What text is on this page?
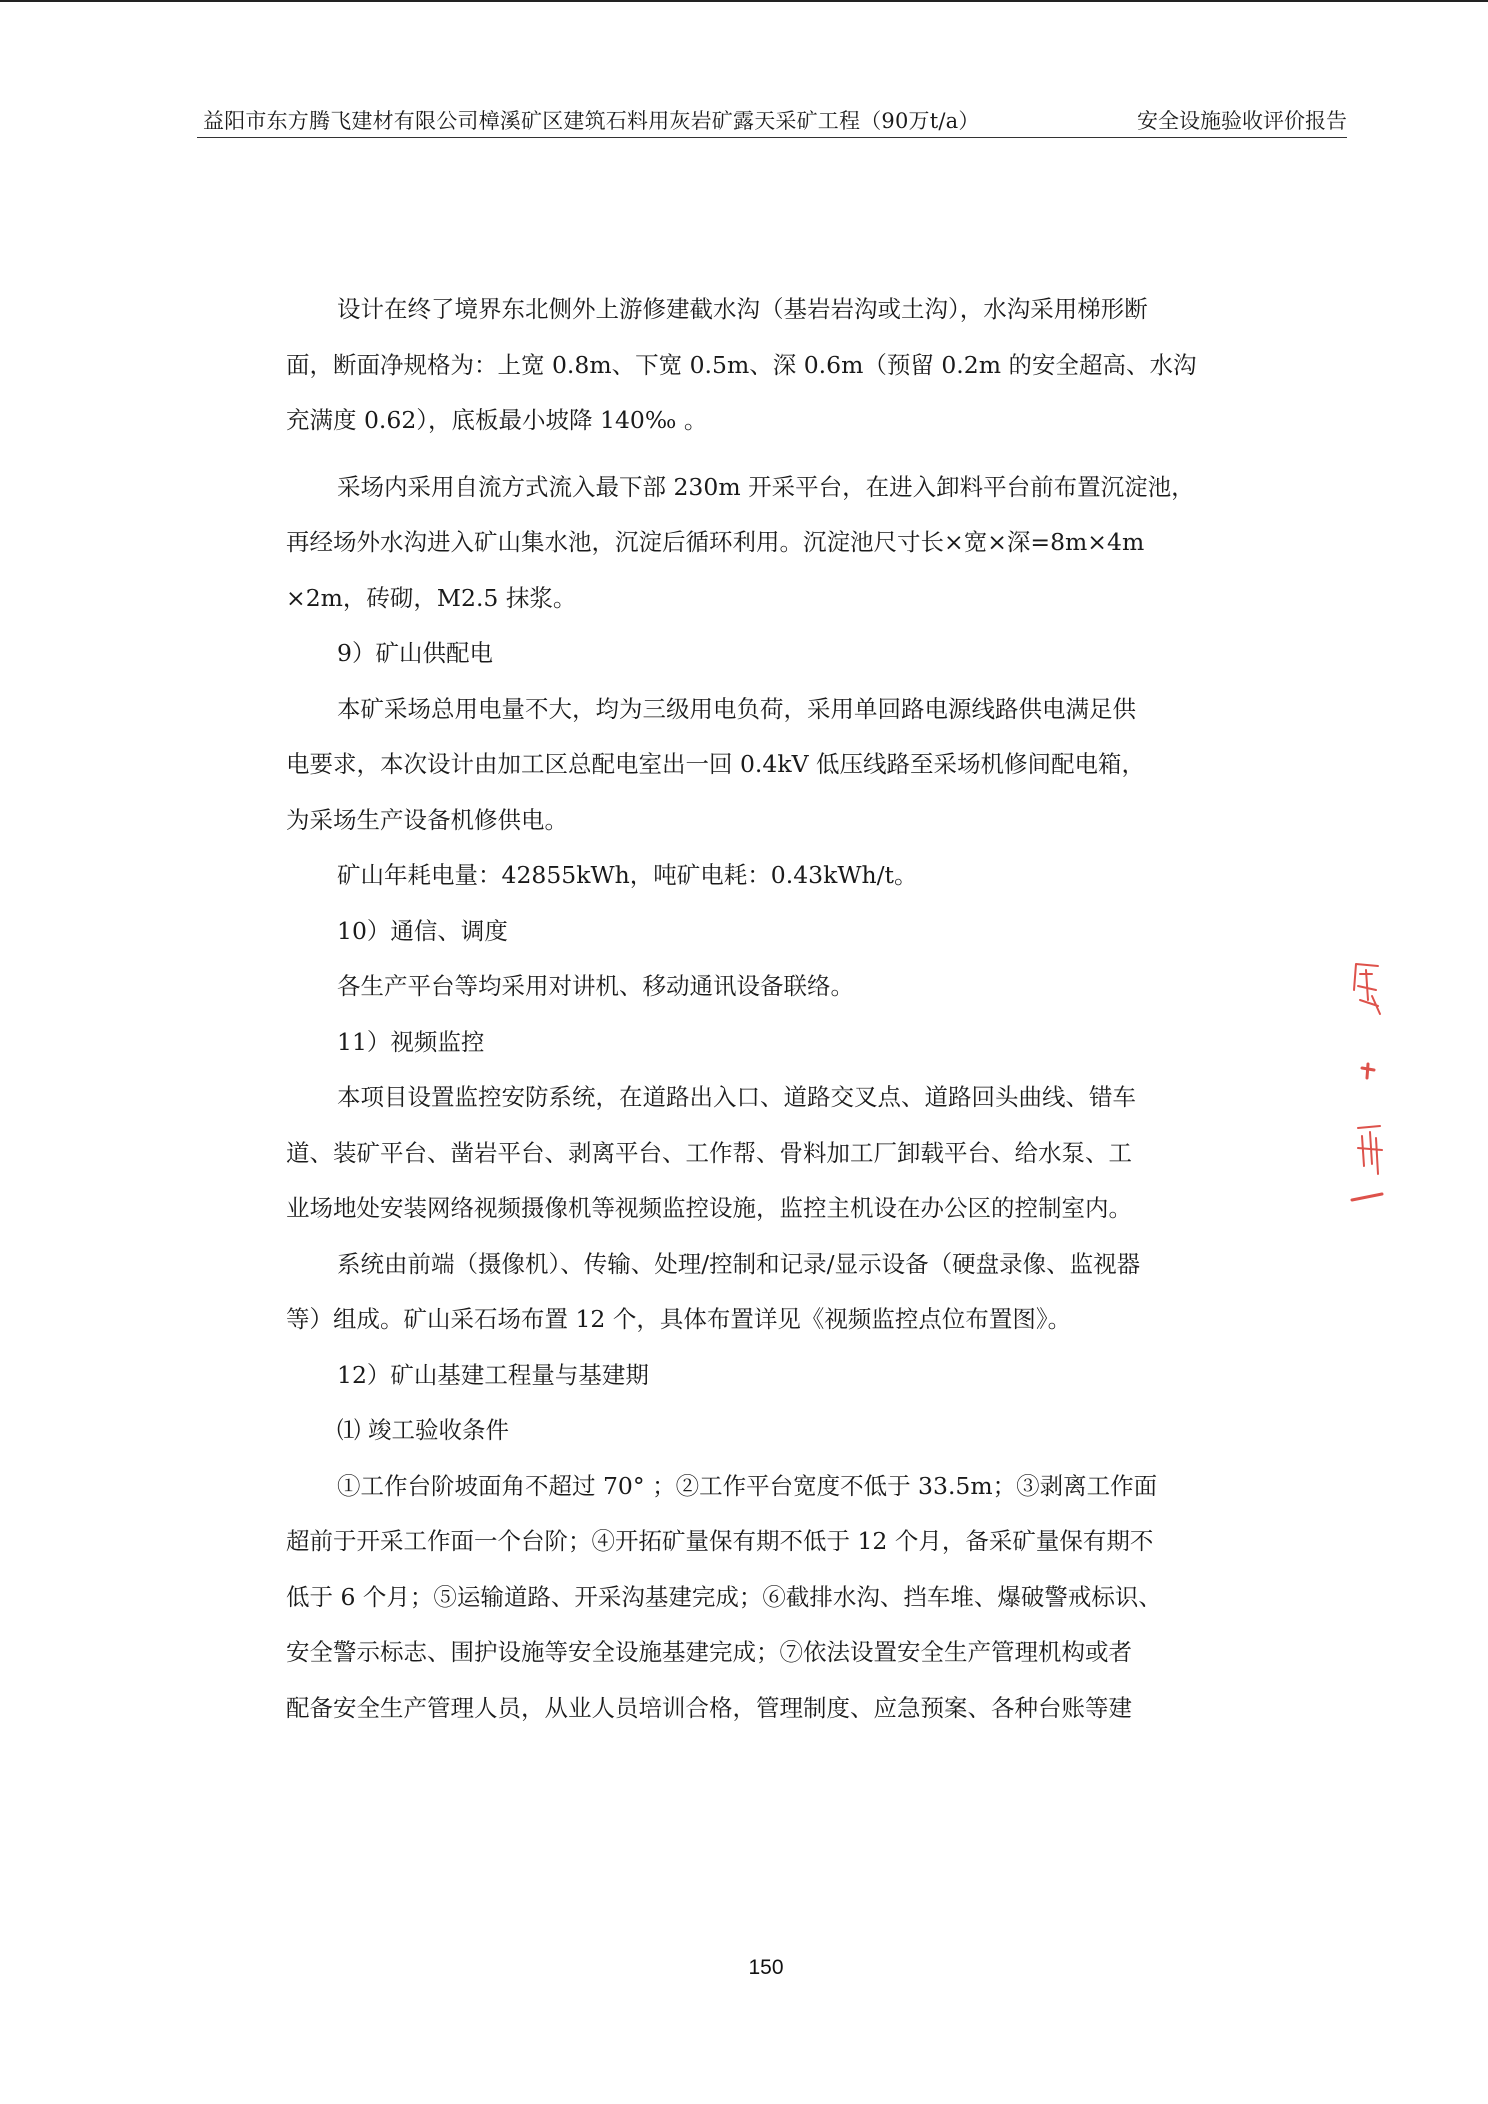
益阳市东方腾飞建材有限公司樟溪矿区建筑石料用灰岩矿露天采矿工程（90万t/a）	安全设施验收评价报告
设计在终了境界东北侧外上游修建截水沟（基岩岩沟或土沟），水沟采用梯形断
面，断面净规格为：上宽 0.8m、下宽 0.5m、深 0.6m（预留 0.2m 的安全超高、水沟
充满度 0.62），底板最小坡降 140‰ 。
采场内采用自流方式流入最下部 230m 开采平台，在进入卸料平台前布置沉淀池，
再经场外水沟进入矿山集水池，沉淀后循环利用。沉淀池尺寸长×宽×深=8m×4m
×2m，砖砌，M2.5 抹浆。
9）矿山供配电
本矿采场总用电量不大，均为三级用电负荷，采用单回路电源线路供电满足供
电要求，本次设计由加工区总配电室出一回 0.4kV 低压线路至采场机修间配电箱，
为采场生产设备机修供电。
矿山年耗电量：42855kWh，吨矿电耗：0.43kWh/t。
10）通信、调度
各生产平台等均采用对讲机、移动通讯设备联络。
11）视频监控
本项目设置监控安防系统，在道路出入口、道路交叉点、道路回头曲线、错车
道、装矿平台、凿岩平台、剥离平台、工作帮、骨料加工厂卸载平台、给水泵、工
业场地处安装网络视频摄像机等视频监控设施，监控主机设在办公区的控制室内。
系统由前端（摄像机）、传输、处理/控制和记录/显示设备（硬盘录像、监视器
等）组成。矿山采石场布置 12 个，具体布置详见《视频监控点位布置图》。
12）矿山基建工程量与基建期
⑴ 竣工验收条件
①工作台阶坡面角不超过 70° ；②工作平台宽度不低于 33.5m；③剥离工作面
超前于开采工作面一个台阶；④开拓矿量保有期不低于 12 个月，备采矿量保有期不
低于 6 个月；⑤运输道路、开采沟基建完成；⑥截排水沟、挡车堆、爆破警戒标识、
安全警示标志、围护设施等安全设施基建完成；⑦依法设置安全生产管理机构或者
配备安全生产管理人员，从业人员培训合格，管理制度、应急预案、各种台账等建
150
